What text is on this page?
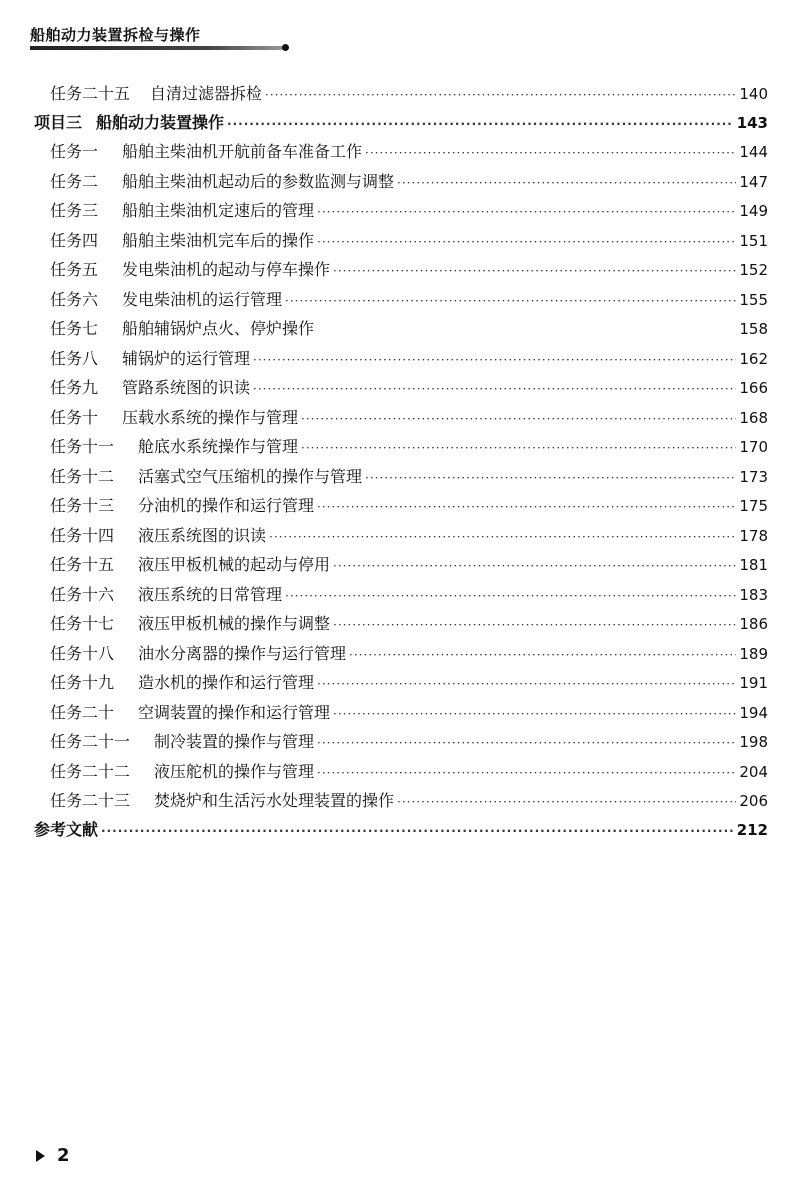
船舶动力装置拆检与操作
任务二十五 自清过滤器拆检 ·····	140
项目三 船舶动力装置操作 ·····	143
任务一 船舶主柴油机开航前备车准备工作 ·····	144
任务二 船舶主柴油机起动后的参数监测与调整 ·····	147
任务三 船舶主柴油机定速后的管理 ·····	149
任务四 船舶主柴油机完车后的操作 ·····	151
任务五 发电柴油机的起动与停车操作 ·····	152
任务六 发电柴油机的运行管理 ·····	155
任务七 船舶辅锅炉点火、停炉操作	158
任务八 辅锅炉的运行管理 ·····	162
任务九 管路系统图的识读 ·····	166
任务十 压载水系统的操作与管理 ·····	168
任务十一 舱底水系统操作与管理 ·····	170
任务十二 活塞式空气压缩机的操作与管理 ·····	173
任务十三 分油机的操作和运行管理 ·····	175
任务十四 液压系统图的识读 ·····	178
任务十五 液压甲板机械的起动与停用 ·····	181
任务十六 液压系统的日常管理 ·····	183
任务十七 液压甲板机械的操作与调整 ·····	186
任务十八 油水分离器的操作与运行管理 ·····	189
任务十九 造水机的操作和运行管理 ·····	191
任务二十 空调装置的操作和运行管理 ·····	194
任务二十一 制冷装置的操作与管理 ·····	198
任务二十二 液压舵机的操作与管理 ·····	204
任务二十三 焚烧炉和生活污水处理装置的操作 ·····	206
参考文献 ·····	212
2
